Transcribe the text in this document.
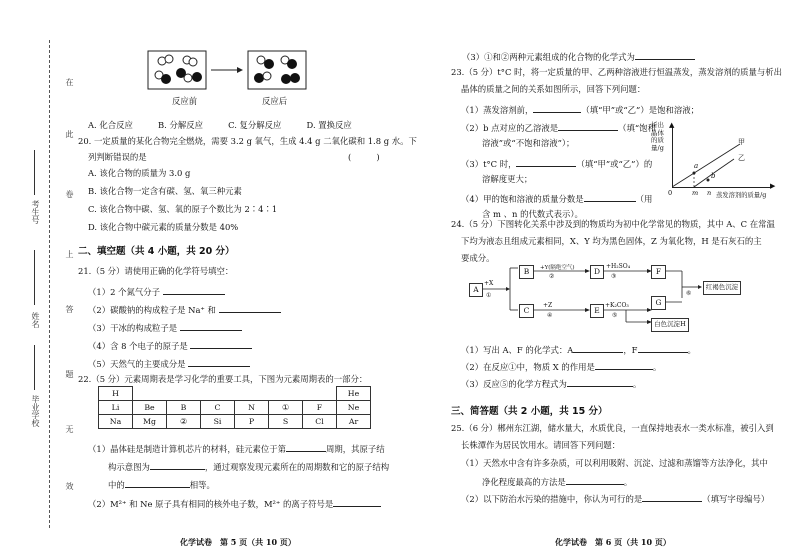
在
此
卷
上
答
题
无
效
考生号
姓名
毕业学校
反应前	反应后
A. 化合反应　　　B. 分解反应　　　C. 复分解反应　　　D. 置换反应
20. 一定质量的某化合物完全燃烧，需要 3.2 g 氧气，生成 4.4 g 二氧化碳和 1.8 g 水。下
列判断错误的是	(　　　)
A. 该化合物的质量为 3.0 g
B. 该化合物一定含有碳、氢、氧三种元素
C. 该化合物中碳、氢、氧的原子个数比为 2∶4∶1
D. 该化合物中碳元素的质量分数是 40%
二、填空题（共 4 小题，共 20 分）
21.（5 分）请使用正确的化学符号填空：
（1）2 个氮气分子
（2）碳酸钠的构成粒子是 Na⁺ 和
（3）干冰的构成粒子是
（4）含 8 个电子的原子是
（5）天然气的主要成分是
22.（5 分）元素周期表是学习化学的重要工具，下图为元素周期表的一部分：
H							He
Li	Be	B	C	N	①	F	Ne
Na	Mg	②	Si	P	S	Cl	Ar
（1）晶体硅是制造计算机芯片的材料，硅元素位于第	周期，其原子结
构示意图为	，通过观察发现元素所在的周期数和它的原子结构
中的	相等。
（2）M²⁺ 和 Ne 原子具有相同的核外电子数，M²⁺ 的离子符号是
化学试卷　第 5 页（共 10 页）
（3）①和②两种元素组成的化合物的化学式为
23.（5 分）t°C 时，将一定质量的甲、乙两种溶液进行恒温蒸发，蒸发溶剂的质量与析出
晶体的质量之间的关系如图所示，回答下列问题：
（1）蒸发溶剂前，	（填“甲”或“乙”）是饱和溶液；
（2）b 点对应的乙溶液是	（填“饱和
溶液”或“不饱和溶液”）；
（3）t°C 时，	（填“甲”或“乙”）的
溶解度更大；
（4）甲的饱和溶液的质量分数是	（用
含 m 、n 的代数式表示）。
▲
▶
析出
晶体
的质
量/g
a
b
甲
乙
0	m n 蒸发溶剂的质量/g
24.（5 分）下图转化关系中涉及到的物质均为初中化学常见的物质，其中 A、C 在常温
下均为液态且组成元素相同，X、Y 均为黑色固体，Z 为氧化物，H 是石灰石的主
要成分。
A
B
C
D
E
F
G
红褐色沉淀
白色沉淀H
+X
①
+Y(隔绝空气)
②
+H₂SO₄
③
+Z
④
+K₂CO₃
⑤
⑥
（1）写出 A、F 的化学式：A	，F	。
（2）在反应①中，物质 X 的作用是	。
（3）反应⑤的化学方程式为	。
三、简答题（共 2 小题，共 15 分）
25.（6 分）郴州东江湖，储水量大，水质优良，一直保持地表水一类水标准，被引入到
长株潭作为居民饮用水。请回答下列问题：
（1）天然水中含有许多杂质，可以利用吸附、沉淀、过滤和蒸馏等方法净化，其中
净化程度最高的方法是	。
（2）以下防治水污染的措施中，你认为可行的是	（填写字母编号）
化学试卷　第 6 页（共 10 页）
